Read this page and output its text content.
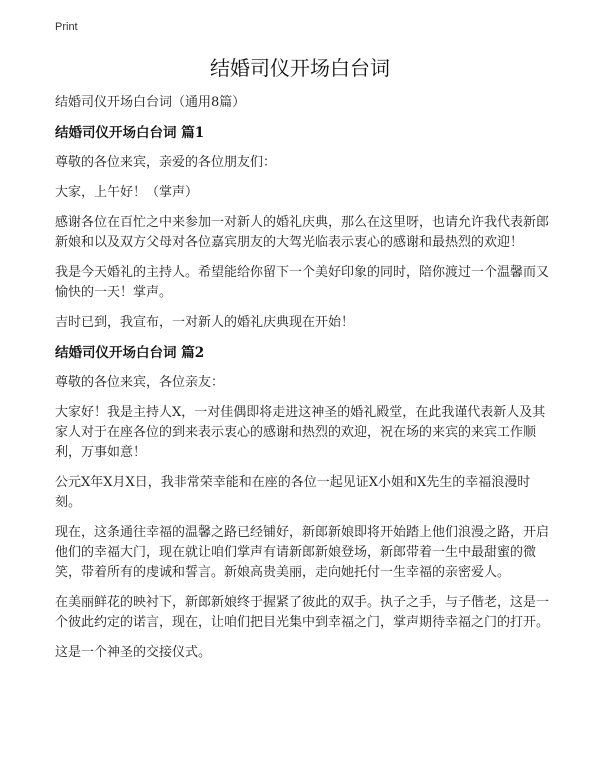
Print
结婚司仪开场白台词

结婚司仪开场白台词（通用8篇）

结婚司仪开场白台词 篇1

尊敬的各位来宾，亲爱的各位朋友们：

大家，上午好！（掌声）

感谢各位在百忙之中来参加一对新人的婚礼庆典，那么在这里呀，也请允许我代表新郎新娘和以及双方父母对各位嘉宾朋友的大驾光临表示衷心的感谢和最热烈的欢迎！

我是今天婚礼的主持人。希望能给你留下一个美好印象的同时，陪你渡过一个温馨而又愉快的一天！掌声。

吉时已到，我宣布，一对新人的婚礼庆典现在开始！

结婚司仪开场白台词 篇2

尊敬的各位来宾，各位亲友：

大家好！我是主持人X，一对佳偶即将走进这神圣的婚礼殿堂，在此我谨代表新人及其家人对于在座各位的到来表示衷心的感谢和热烈的欢迎，祝在场的来宾的来宾工作顺利，万事如意！

公元X年X月X日，我非常荣幸能和在座的各位一起见证X小姐和X先生的幸福浪漫时刻。

现在，这条通往幸福的温馨之路已经铺好，新郎新娘即将开始踏上他们浪漫之路，开启他们的幸福大门，现在就让咱们掌声有请新郎新娘登场，新郎带着一生中最甜蜜的微笑，带着所有的虔诚和誓言。新娘高贵美丽，走向她托付一生幸福的亲密爱人。

在美丽鲜花的映衬下，新郎新娘终于握紧了彼此的双手。执子之手，与子偕老，这是一个彼此约定的诺言，现在，让咱们把目光集中到幸福之门，掌声期待幸福之门的打开。

这是一个神圣的交接仪式。
